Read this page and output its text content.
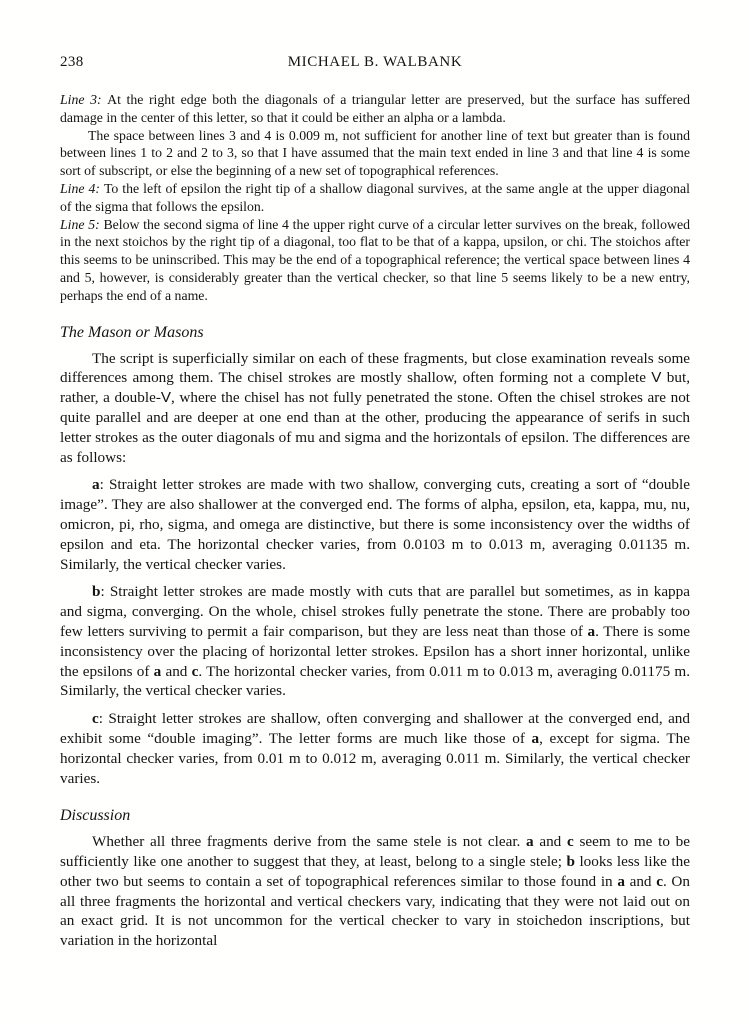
238	MICHAEL B. WALBANK

Line 3: At the right edge both the diagonals of a triangular letter are preserved, but the surface has suffered damage in the center of this letter, so that it could be either an alpha or a lambda.

The space between lines 3 and 4 is 0.009 m, not sufficient for another line of text but greater than is found between lines 1 to 2 and 2 to 3, so that I have assumed that the main text ended in line 3 and that line 4 is some sort of subscript, or else the beginning of a new set of topographical references.

Line 4: To the left of epsilon the right tip of a shallow diagonal survives, at the same angle at the upper diagonal of the sigma that follows the epsilon.

Line 5: Below the second sigma of line 4 the upper right curve of a circular letter survives on the break, followed in the next stoichos by the right tip of a diagonal, too flat to be that of a kappa, upsilon, or chi. The stoichos after this seems to be uninscribed. This may be the end of a topographical reference; the vertical space between lines 4 and 5, however, is considerably greater than the vertical checker, so that line 5 seems likely to be a new entry, perhaps the end of a name.

The Mason or Masons

The script is superficially similar on each of these fragments, but close examination reveals some differences among them. The chisel strokes are mostly shallow, often forming not a complete V but, rather, a double-V, where the chisel has not fully penetrated the stone. Often the chisel strokes are not quite parallel and are deeper at one end than at the other, producing the appearance of serifs in such letter strokes as the outer diagonals of mu and sigma and the horizontals of epsilon. The differences are as follows:

a: Straight letter strokes are made with two shallow, converging cuts, creating a sort of “double image”. They are also shallower at the converged end. The forms of alpha, epsilon, eta, kappa, mu, nu, omicron, pi, rho, sigma, and omega are distinctive, but there is some inconsistency over the widths of epsilon and eta. The horizontal checker varies, from 0.0103 m to 0.013 m, averaging 0.01135 m. Similarly, the vertical checker varies.

b: Straight letter strokes are made mostly with cuts that are parallel but sometimes, as in kappa and sigma, converging. On the whole, chisel strokes fully penetrate the stone. There are probably too few letters surviving to permit a fair comparison, but they are less neat than those of a. There is some inconsistency over the placing of horizontal letter strokes. Epsilon has a short inner horizontal, unlike the epsilons of a and c. The horizontal checker varies, from 0.011 m to 0.013 m, averaging 0.01175 m. Similarly, the vertical checker varies.

c: Straight letter strokes are shallow, often converging and shallower at the converged end, and exhibit some “double imaging”. The letter forms are much like those of a, except for sigma. The horizontal checker varies, from 0.01 m to 0.012 m, averaging 0.011 m. Similarly, the vertical checker varies.

Discussion

Whether all three fragments derive from the same stele is not clear. a and c seem to me to be sufficiently like one another to suggest that they, at least, belong to a single stele; b looks less like the other two but seems to contain a set of topographical references similar to those found in a and c. On all three fragments the horizontal and vertical checkers vary, indicating that they were not laid out on an exact grid. It is not uncommon for the vertical checker to vary in stoichedon inscriptions, but variation in the horizontal
